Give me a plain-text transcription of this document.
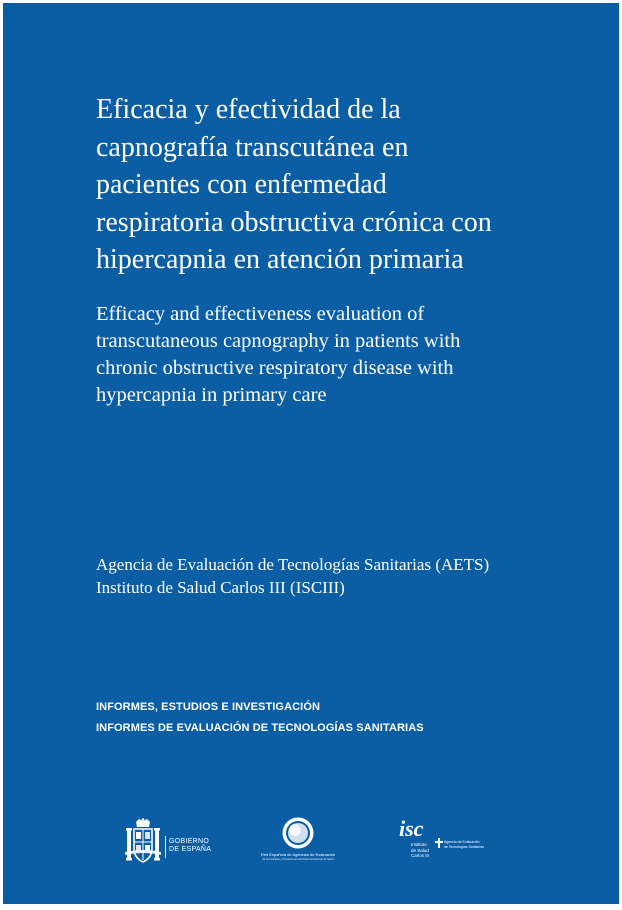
Eficacia y efectividad de la
capnografía transcutánea en
pacientes con enfermedad
respiratoria obstructiva crónica con
hipercapnia en atención primaria
Efficacy and effectiveness evaluation of
transcutaneous capnography in patients with
chronic obstructive respiratory disease with
hypercapnia in primary care
Agencia de Evaluación de Tecnologías Sanitarias (AETS)
Instituto de Salud Carlos III (ISCIII)
INFORMES, ESTUDIOS E INVESTIGACIÓN
INFORMES DE EVALUACIÓN DE TECNOLOGÍAS SANITARIAS
GOBIERNO
DE ESPAÑA
Red Española de Agencias de Evaluación
de Tecnologías y Prestaciones del Sistema Nacional de Salud
isc
Instituto
de Salud
Carlos III
Agencia de Evaluación
de Tecnologías Sanitarias
